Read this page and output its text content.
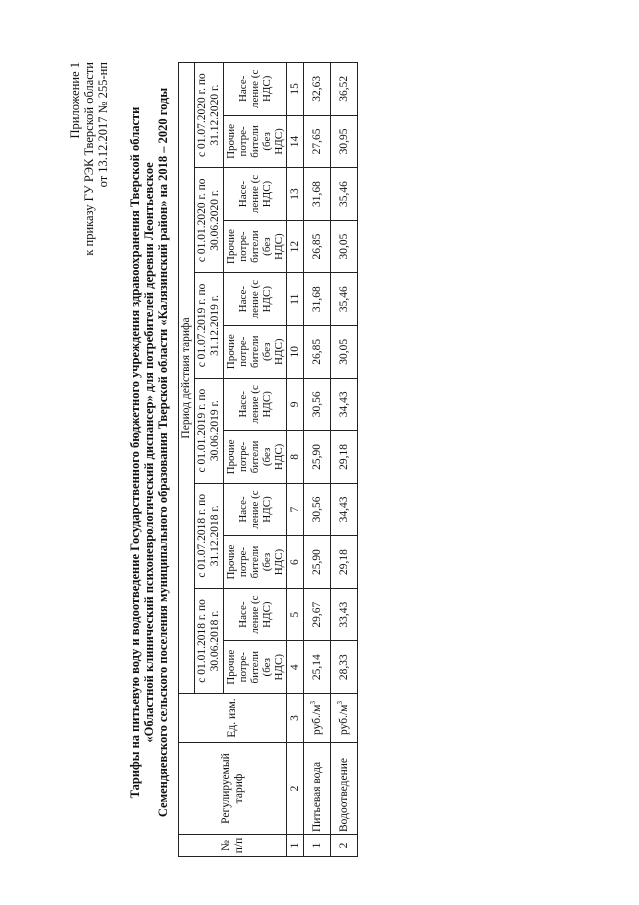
Приложение 1 к приказу ГУ РЭК Тверской области от 13.12.2017 № 255-нп Тарифы на питьевую воду и водоотведение Государственного бюджетного учреждения здравоохранения Тверской области «Областной клинический психоневрологический диспансер» для потребителей деревни Леонтьевское Семендяевского сельского поселения муниципального образования Тверской области «Калязинский район» на 2018 – 2020 годы
№ п/п	Регулируемый тариф	Ед. изм.	Период действия тарифа											
			с 01.01.2018 г. по 30.06.2018 г.		с 01.07.2018 г. по 31.12.2018 г.		с 01.01.2019 г. по 30.06.2019 г.		с 01.07.2019 г. по 31.12.2019 г.		с 01.01.2020 г. по 30.06.2020 г.		с 01.07.2020 г. по 31.12.2020 г.	
			Прочие потре- бители (без НДС)	Насе- ление (с НДС)	Прочие потре- бители (без НДС)	Насе- ление (с НДС)	Прочие потре- бители (без НДС)	Насе- ление (с НДС)	Прочие потре- бители (без НДС)	Насе- ление (с НДС)	Прочие потре- бители (без НДС)	Насе- ление (с НДС)	Прочие потре- бители (без НДС)	Насе- ление (с НДС)
1	2	3	4	5	6	7	8	9	10	11	12	13	14	15
1	Питьевая вода	$руб./м^3$	25,14	29,67	25,90	30,56	25,90	30,56	26,85	31,68	26,85	31,68	27,65	32,63
2	Водоотведение	$руб./м^3$	28,33	33,43	29,18	34,43	29,18	34,43	30,05	35,46	30,05	35,46	30,95	36,52
